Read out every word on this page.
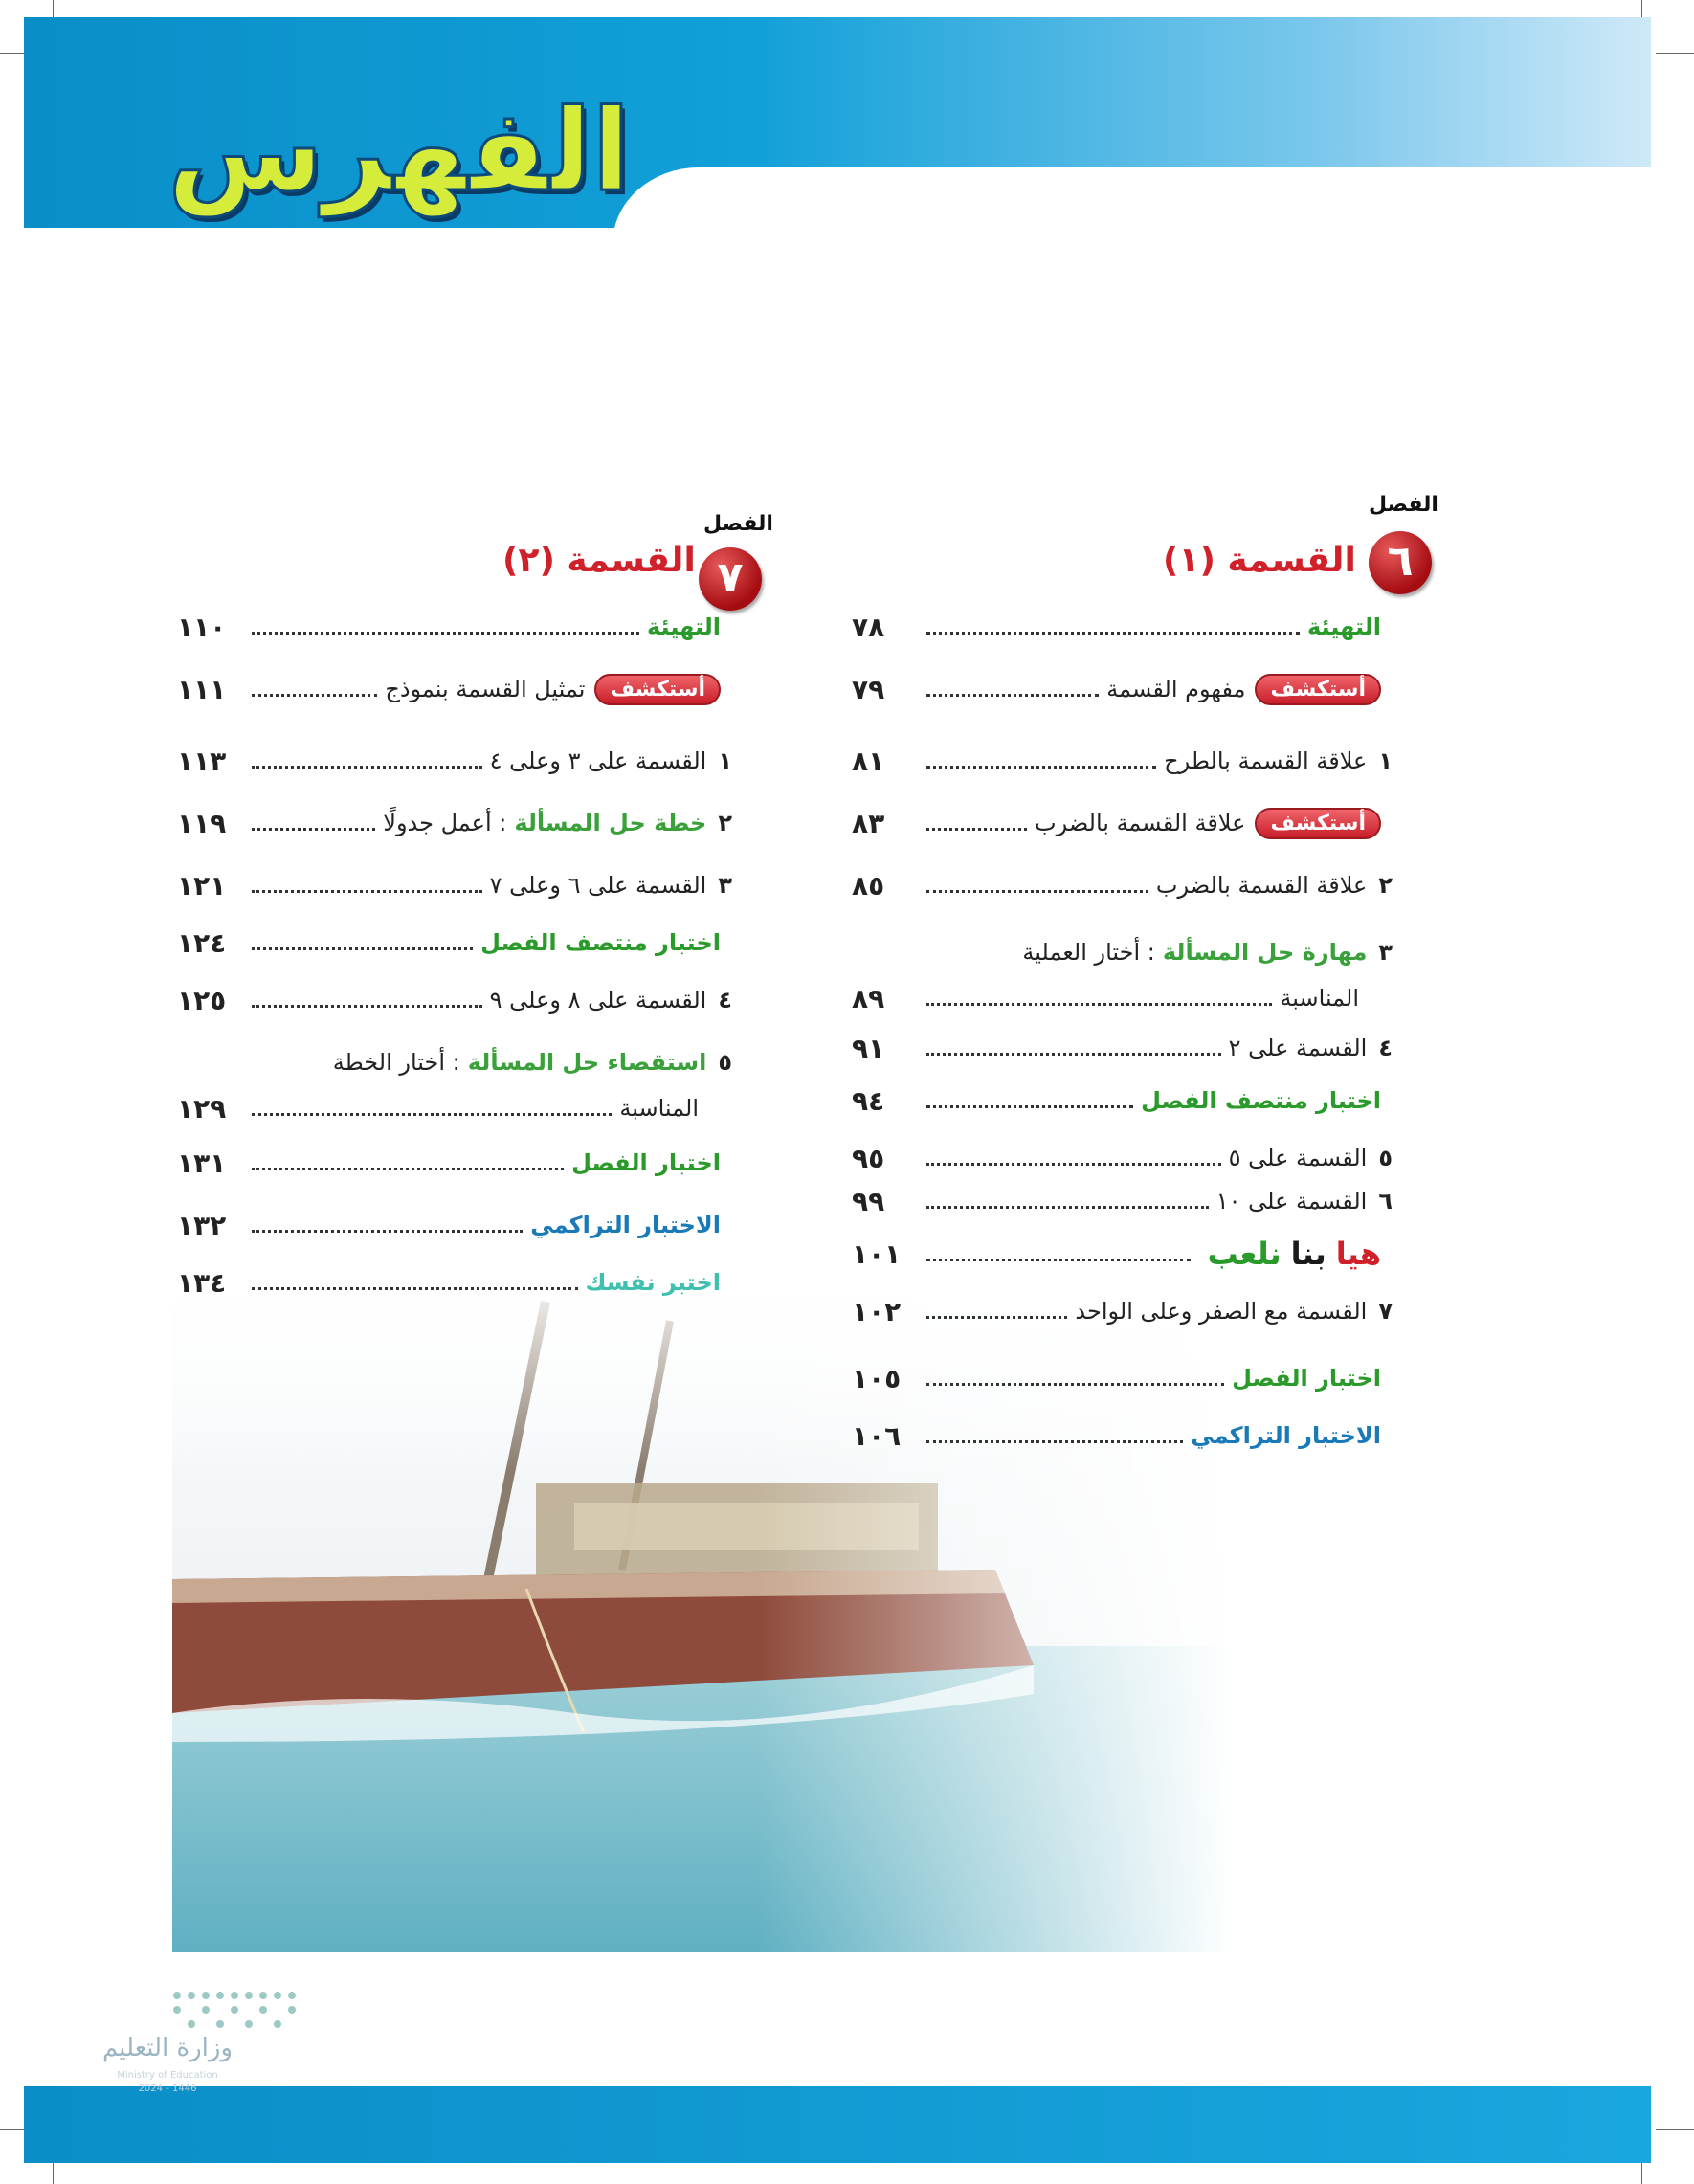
الفهرس
الفصل
٦
القسمة (١)
التهيئة
٧٨
أستكشف
مفهوم القسمة
٧٩
١
علاقة القسمة بالطرح
٨١
أستكشف
علاقة القسمة بالضرب
٨٣
٢
علاقة القسمة بالضرب
٨٥
٣
مهارة حل المسألة
: أختار العملية
المناسبة
٨٩
٤
القسمة على ٢
٩١
اختبار منتصف الفصل
٩٤
٥
القسمة على ٥
٩٥
٦
القسمة على ١٠
٩٩
هيا
بنا
نلعب
١٠١
٧
القسمة مع الصفر وعلى الواحد
١٠٢
اختبار الفصل
١٠٥
الاختبار التراكمي
١٠٦
الفصل
٧
القسمة (٢)
التهيئة
١١٠
أستكشف
تمثيل القسمة بنموذج
١١١
١
القسمة على ٣ وعلى ٤
١١٣
٢
خطة حل المسألة
: أعمل جدولًا
١١٩
٣
القسمة على ٦ وعلى ٧
١٢١
اختبار منتصف الفصل
١٢٤
٤
القسمة على ٨ وعلى ٩
١٢٥
٥
استقصاء حل المسألة
: أختار الخطة
المناسبة
١٢٩
اختبار الفصل
١٣١
الاختبار التراكمي
١٣٢
اختبر نفسك
١٣٤
وزارة التعليم
Ministry of Education
2024 - 1446
